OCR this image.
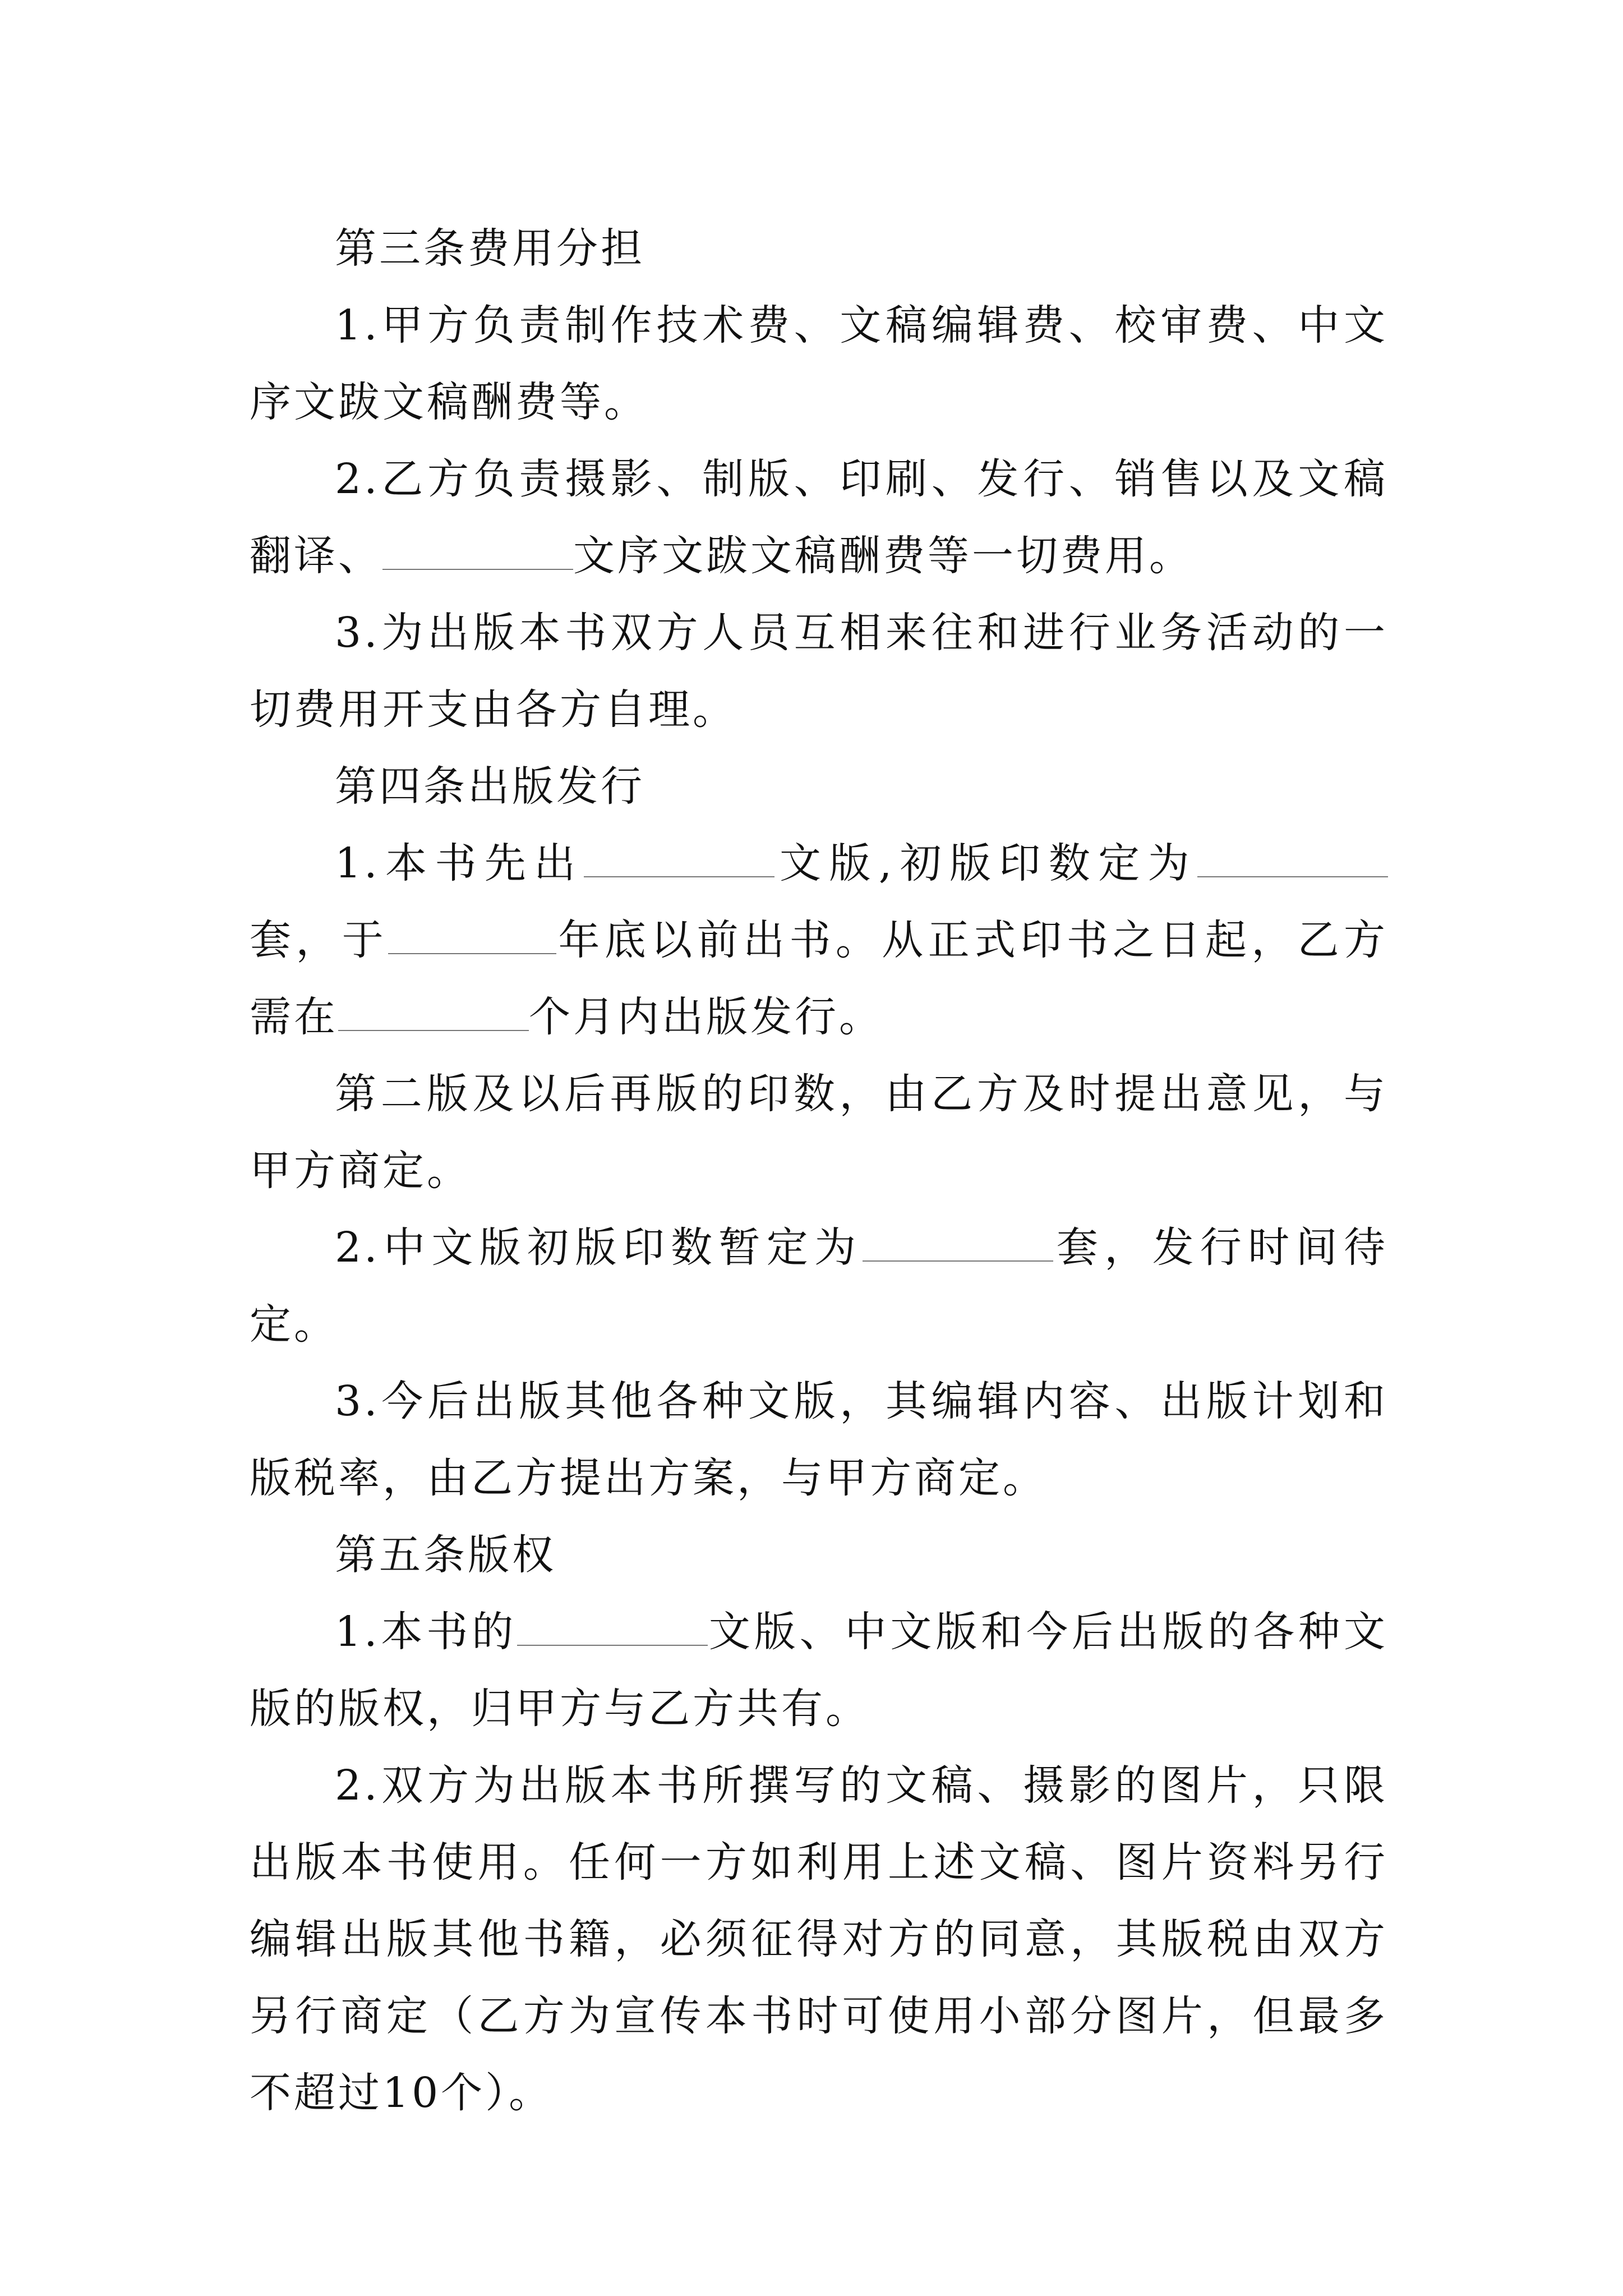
第三条费用分担

1.甲方负责制作技术费、文稿编辑费、校审费、中文序文跋文稿酬费等。

2.乙方负责摄影、制版、印刷、发行、销售以及文稿翻译、	文序文跋文稿酬费等一切费用。

3.为出版本书双方人员互相来往和进行业务活动的一切费用开支由各方自理。

第四条出版发行

1.本书先出	文版,初版印数定为套，于	年底以前出书。从正式印书之日起，乙方需在	个月内出版发行。

第二版及以后再版的印数，由乙方及时提出意见，与甲方商定。

2.中文版初版印数暂定为	套，发行时间待定。

3.今后出版其他各种文版，其编辑内容、出版计划和版税率，由乙方提出方案，与甲方商定。

第五条版权

1.本书的	文版、中文版和今后出版的各种文版的版权，归甲方与乙方共有。

2.双方为出版本书所撰写的文稿、摄影的图片，只限出版本书使用。任何一方如利用上述文稿、图片资料另行编辑出版其他书籍，必须征得对方的同意，其版税由双方另行商定（乙方为宣传本书时可使用小部分图片，但最多不超过10个）。
